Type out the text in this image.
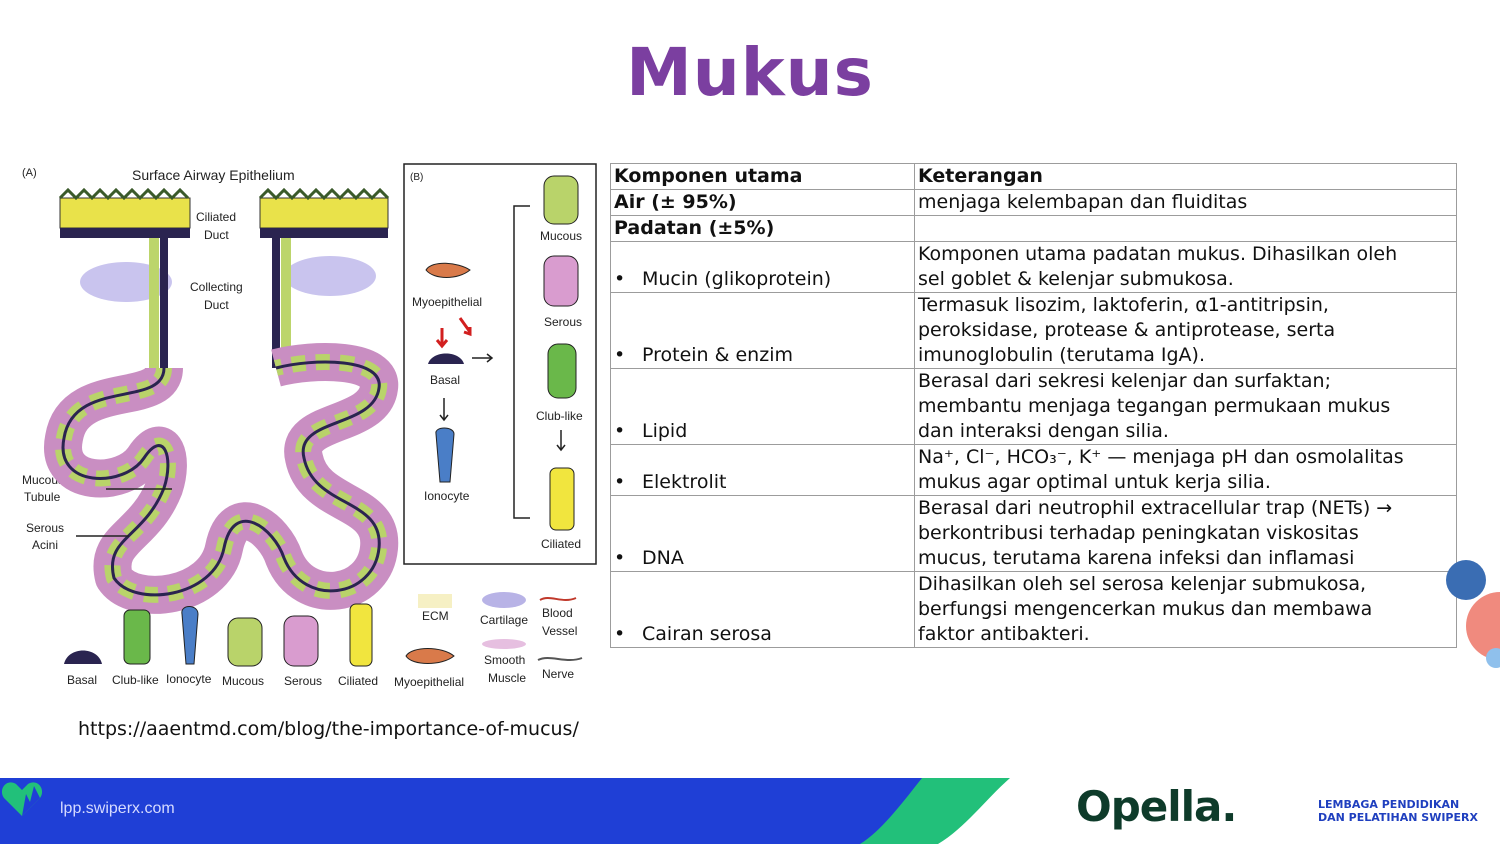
Mukus
(A)	Surface Airway Epithelium
Ciliated
Duct
Collecting
Duct
Mucous
Tubule
Serous
Acini
(B)
Myoepithelial
Basal
Ionocyte
Mucous
Serous
Club-like
Ciliated
Basal Club-like Ionocyte Mucous Serous Ciliated Myoepithelial
ECM	Cartilage
Smooth
Muscle
Blood
Vessel
Nerve
Komponen utama	Keterangan
Air (± 95%)	menjaga kelembapan dan fluiditas
Padatan (±5%)	
• Mucin (glikoprotein)	Komponen utama padatan mukus. Dihasilkan oleh
sel goblet & kelenjar submukosa.

• Protein & enzim	Termasuk lisozim, laktoferin, α1-antitripsin,
peroksidase, protease & antiprotease, serta
imunoglobulin (terutama IgA).

• Lipid	Berasal dari sekresi kelenjar dan surfaktan;
membantu menjaga tegangan permukaan mukus
dan interaksi dengan silia.

• Elektrolit	Na⁺, Cl⁻, HCO₃⁻, K⁺ — menjaga pH dan osmolalitas
mukus agar optimal untuk kerja silia.

• DNA	Berasal dari neutrophil extracellular trap (NETs) →
berkontribusi terhadap peningkatan viskositas
mucus, terutama karena infeksi dan inflamasi

• Cairan serosa	Dihasilkan oleh sel serosa kelenjar submukosa,
berfungsi mengencerkan mukus dan membawa
faktor antibakteri.
https://aaentmd.com/blog/the-importance-of-mucus/
lpp.swiperx.com	Opella.	LEMBAGA PENDIDIKAN
DAN PELATIHAN SWIPERX
